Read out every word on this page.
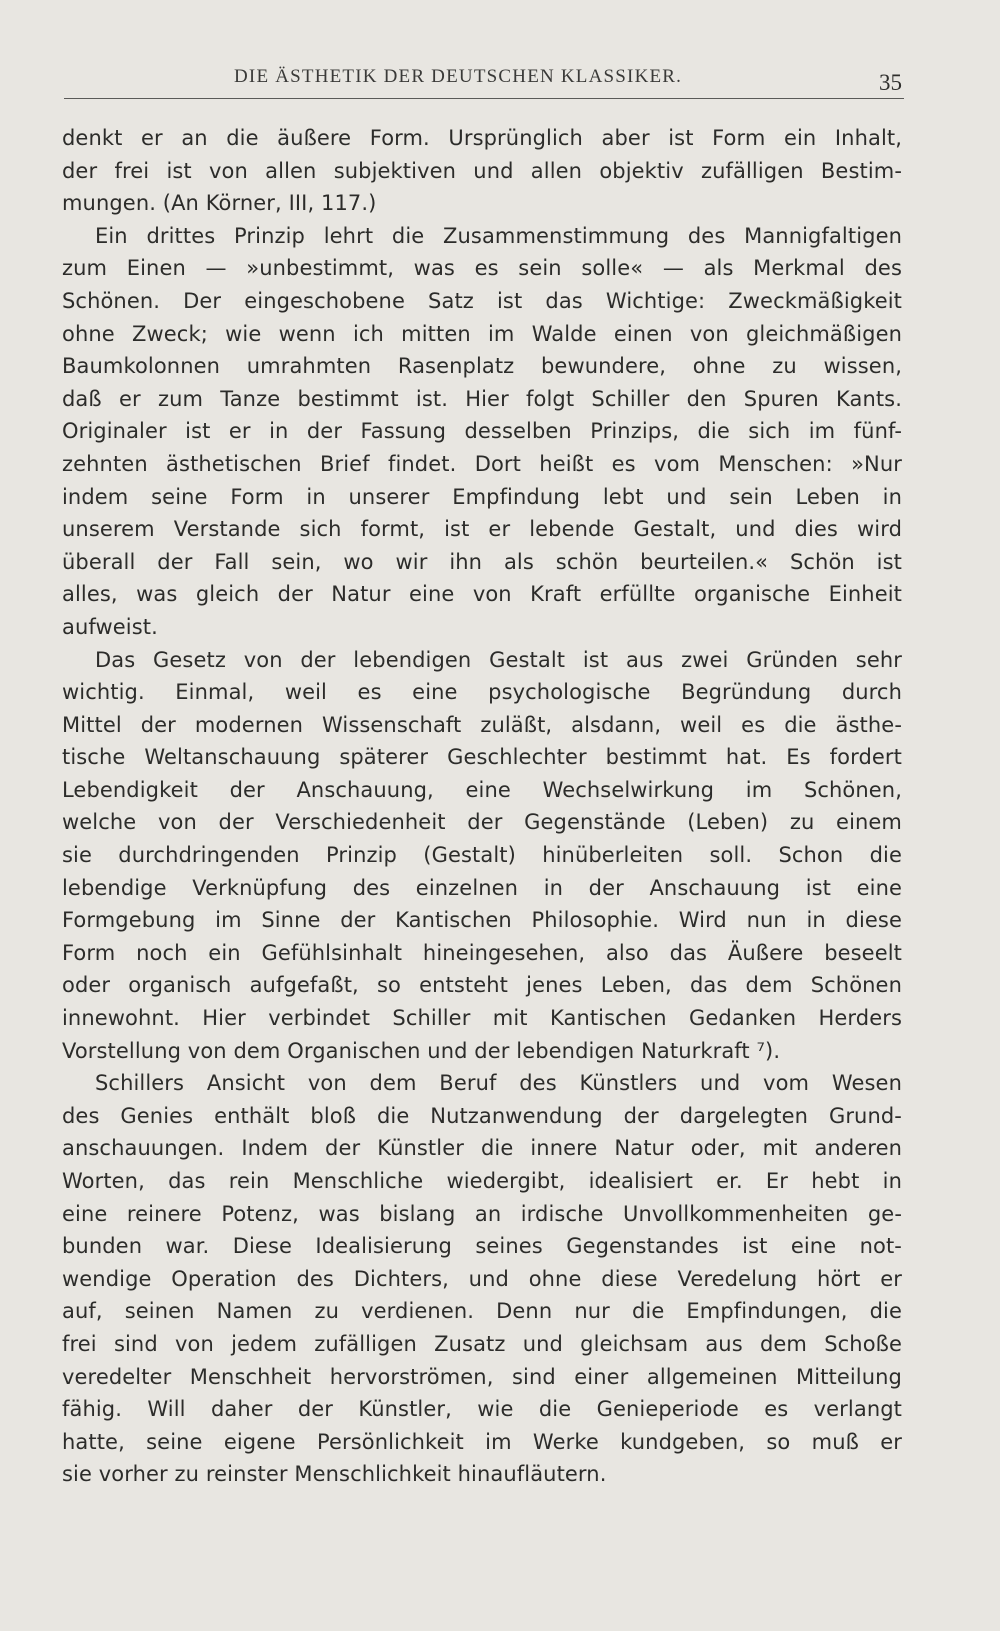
DIE ÄSTHETIK DER DEUTSCHEN KLASSIKER.	35
denkt er an die äußere Form. Ursprünglich aber ist Form ein Inhalt,
der frei ist von allen subjektiven und allen objektiv zufälligen Bestim-
mungen. (An Körner, III, 117.)
Ein drittes Prinzip lehrt die Zusammenstimmung des Mannigfaltigen
zum Einen — »unbestimmt, was es sein solle« — als Merkmal des
Schönen. Der eingeschobene Satz ist das Wichtige: Zweckmäßigkeit
ohne Zweck; wie wenn ich mitten im Walde einen von gleichmäßigen
Baumkolonnen umrahmten Rasenplatz bewundere, ohne zu wissen,
daß er zum Tanze bestimmt ist. Hier folgt Schiller den Spuren Kants.
Originaler ist er in der Fassung desselben Prinzips, die sich im fünf-
zehnten ästhetischen Brief findet. Dort heißt es vom Menschen: »Nur
indem seine Form in unserer Empfindung lebt und sein Leben in
unserem Verstande sich formt, ist er lebende Gestalt, und dies wird
überall der Fall sein, wo wir ihn als schön beurteilen.« Schön ist
alles, was gleich der Natur eine von Kraft erfüllte organische Einheit
aufweist.
Das Gesetz von der lebendigen Gestalt ist aus zwei Gründen sehr
wichtig. Einmal, weil es eine psychologische Begründung durch
Mittel der modernen Wissenschaft zuläßt, alsdann, weil es die ästhe-
tische Weltanschauung späterer Geschlechter bestimmt hat. Es fordert
Lebendigkeit der Anschauung, eine Wechselwirkung im Schönen,
welche von der Verschiedenheit der Gegenstände (Leben) zu einem
sie durchdringenden Prinzip (Gestalt) hinüberleiten soll. Schon die
lebendige Verknüpfung des einzelnen in der Anschauung ist eine
Formgebung im Sinne der Kantischen Philosophie. Wird nun in diese
Form noch ein Gefühlsinhalt hineingesehen, also das Äußere beseelt
oder organisch aufgefaßt, so entsteht jenes Leben, das dem Schönen
innewohnt. Hier verbindet Schiller mit Kantischen Gedanken Herders
Vorstellung von dem Organischen und der lebendigen Naturkraft ⁷).
Schillers Ansicht von dem Beruf des Künstlers und vom Wesen
des Genies enthält bloß die Nutzanwendung der dargelegten Grund-
anschauungen. Indem der Künstler die innere Natur oder, mit anderen
Worten, das rein Menschliche wiedergibt, idealisiert er. Er hebt in
eine reinere Potenz, was bislang an irdische Unvollkommenheiten ge-
bunden war. Diese Idealisierung seines Gegenstandes ist eine not-
wendige Operation des Dichters, und ohne diese Veredelung hört er
auf, seinen Namen zu verdienen. Denn nur die Empfindungen, die
frei sind von jedem zufälligen Zusatz und gleichsam aus dem Schoße
veredelter Menschheit hervorströmen, sind einer allgemeinen Mitteilung
fähig. Will daher der Künstler, wie die Genieperiode es verlangt
hatte, seine eigene Persönlichkeit im Werke kundgeben, so muß er
sie vorher zu reinster Menschlichkeit hinaufläutern.
